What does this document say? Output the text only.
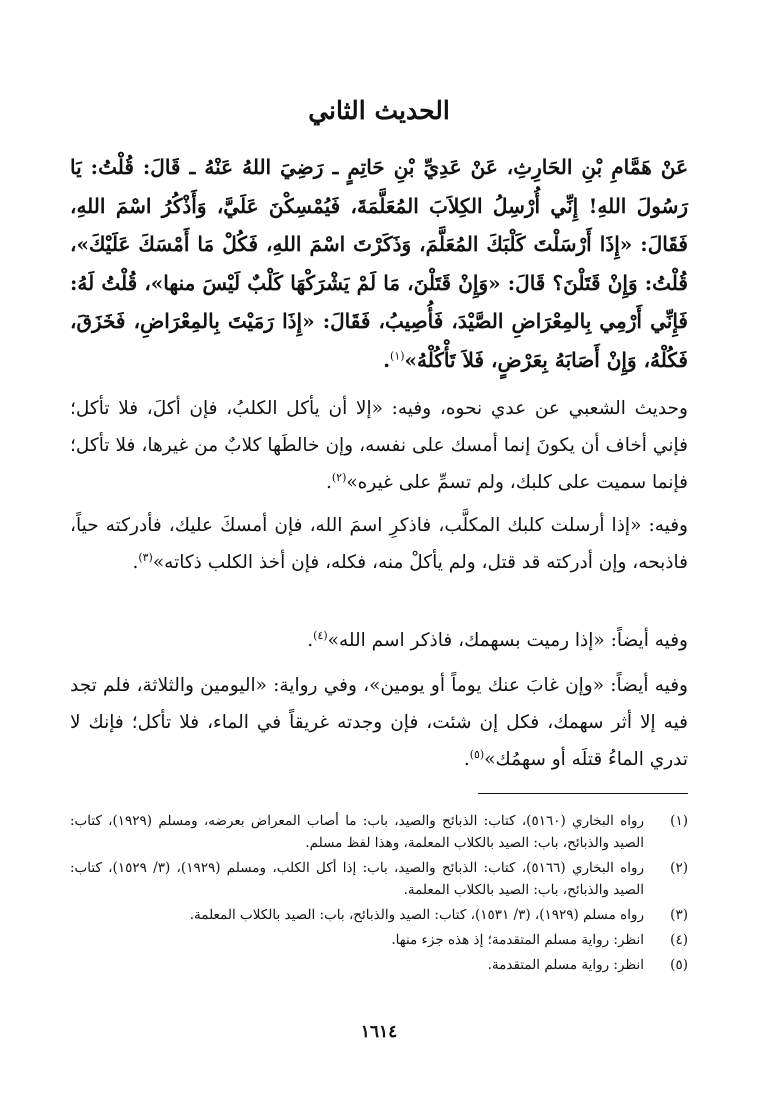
الحديث الثاني
عَنْ هَمَّامِ بْنِ الحَارِثِ، عَنْ عَدِيِّ بْنِ حَاتِمٍ ـ رَضِيَ اللهُ عَنْهُ ـ قَالَ: قُلْتُ: يَا رَسُولَ اللهِ! إِنِّي أُرْسِلُ الكِلاَبَ المُعَلَّمَةَ، فَيُمْسِكْنَ عَلَيَّ، وَأَذْكُرُ اسْمَ اللهِ، فَقَالَ: «إِذَا أَرْسَلْتَ كَلْبَكَ المُعَلَّمَ، وَذَكَرْتَ اسْمَ اللهِ، فَكُلْ مَا أَمْسَكَ عَلَيْكَ»، قُلْتُ: وَإِنْ قَتَلْنَ؟ قَالَ: «وَإِنْ قَتَلْنَ، مَا لَمْ يَشْرَكْهَا كَلْبٌ لَيْسَ منها»، قُلْتُ لَهُ: فَإِنِّي أَرْمِي بِالمِعْرَاضِ الصَّيْدَ، فَأُصِيبُ، فَقَالَ: «إِذَا رَمَيْتَ بِالمِعْرَاضِ، فَخَزَقَ، فَكُلْهُ، وَإِنْ أَصَابَهُ بِعَرْضٍ، فَلاَ تَأْكُلْهُ»$^{(١)}$.
وحديث الشعبي عن عدي نحوه، وفيه: «إلا أن يأكل الكلبُ، فإن أكلَ، فلا تأكل؛ فإني أخاف أن يكونَ إنما أمسك على نفسه، وإن خالطَها كلابٌ من غيرها، فلا تأكل؛ فإنما سميت على كلبك، ولم تسمِّ على غيره»$^{(٢)}$.
وفيه: «إذا أرسلت كلبك المكلَّب، فاذكرِ اسمَ الله، فإن أمسكَ عليك، فأدركته حياً، فاذبحه، وإن أدركته قد قتل، ولم يأكلْ منه، فكله، فإن أخذ الكلب ذكاته»$^{(٣)}$.
وفيه أيضاً: «إذا رميت بسهمك، فاذكر اسم الله»$^{(٤)}$.
وفيه أيضاً: «وإن غابَ عنك يوماً أو يومين»، وفي رواية: «اليومين والثلاثة، فلم تجد فيه إلا أثر سهمك، فكل إن شئت، فإن وجدته غريقاً في الماء، فلا تأكل؛ فإنك لا تدري الماءُ قتلَه أو سهمُك»$^{(٥)}$.
(١)
رواه البخاري (٥١٦٠)، كتاب: الذبائح والصيد، باب: ما أصاب المعراض بعرضه، ومسلم (١٩٢٩)، كتاب: الصيد والذبائح، باب: الصيد بالكلاب المعلمة، وهذا لفظ مسلم.
(٢)
رواه البخاري (٥١٦٦)، كتاب: الذبائح والصيد، باب: إذا أكل الكلب، ومسلم (١٩٢٩)، (٣/ ١٥٢٩)، كتاب: الصيد والذبائح، باب: الصيد بالكلاب المعلمة.
(٣)
رواه مسلم (١٩٢٩)، (٣/ ١٥٣١)، كتاب: الصيد والذبائح، باب: الصيد بالكلاب المعلمة.
(٤)
انظر: رواية مسلم المتقدمة؛ إذ هذه جزء منها.
(٥)
انظر: رواية مسلم المتقدمة.
١٦١٤
